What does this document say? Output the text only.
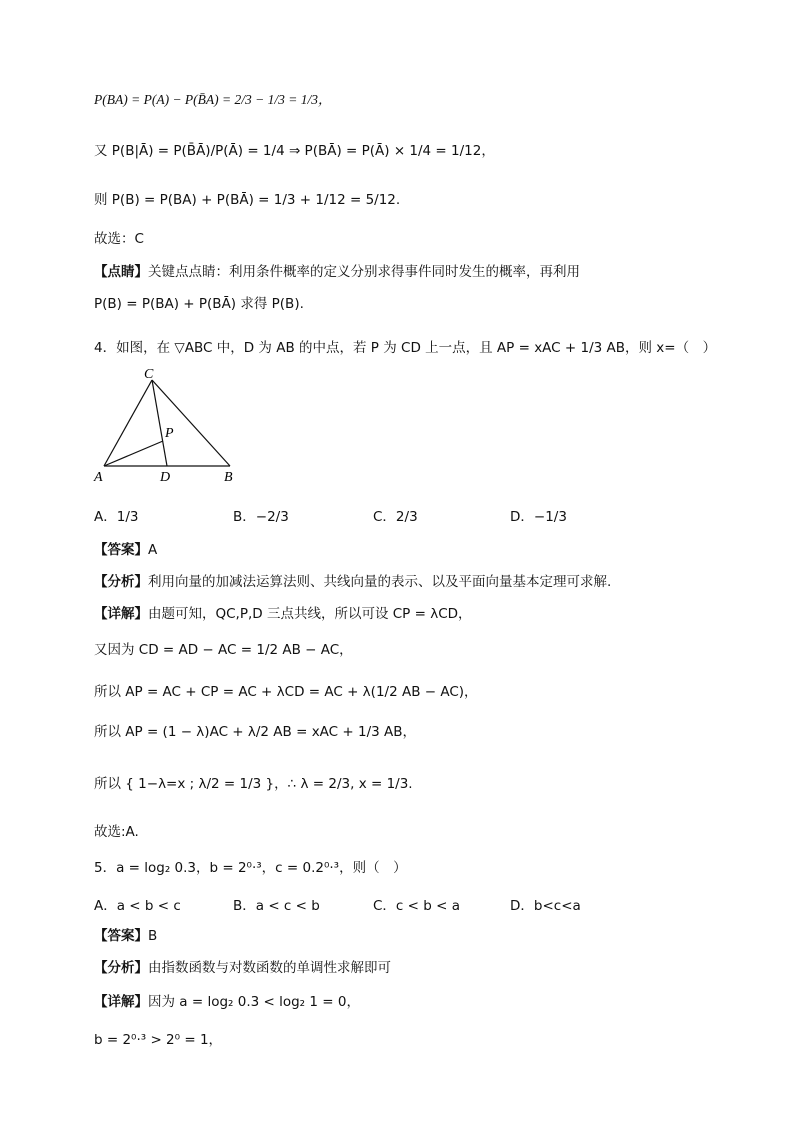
P(BA) = P(A) − P(B̄A) = 2/3 − 1/3 = 1/3，
又 P(B|Ā) = P(B̄Ā)/P(Ā) = 1/4 ⇒ P(BĀ) = P(Ā) × 1/4 = 1/12，
则 P(B) = P(BA) + P(BĀ) = 1/3 + 1/12 = 5/12.
故选：C
【点睛】关键点点睛：利用条件概率的定义分别求得事件同时发生的概率，再利用
P(B) = P(BA) + P(BĀ) 求得 P(B).
4．如图，在 ▽ABC 中，D 为 AB 的中点，若 P 为 CD 上一点，且 AP = xAC + 1/3 AB，则 x=（　）
C
P
A	D	B
A．1/3	B．−2/3	C．2/3	D．−1/3
【答案】A
【分析】利用向量的加减法运算法则、共线向量的表示、以及平面向量基本定理可求解.
【详解】由题可知，QC,P,D 三点共线，所以可设 CP = λCD，
又因为 CD = AD − AC = 1/2 AB − AC，
所以 AP = AC + CP = AC + λCD = AC + λ(1/2 AB − AC)，
所以 AP = (1 − λ)AC + λ/2 AB = xAC + 1/3 AB，
所以 { 1−λ=x ; λ/2 = 1/3 }，∴ λ = 2/3, x = 1/3.
故选:A.
5．a = log₂ 0.3，b = 2⁰·³，c = 0.2⁰·³，则（　）
A．a < b < c	B．a < c < b	C．c < b < a	D．b<c<a
【答案】B
【分析】由指数函数与对数函数的单调性求解即可
【详解】因为 a = log₂ 0.3 < log₂ 1 = 0，
b = 2⁰·³ > 2⁰ = 1，
